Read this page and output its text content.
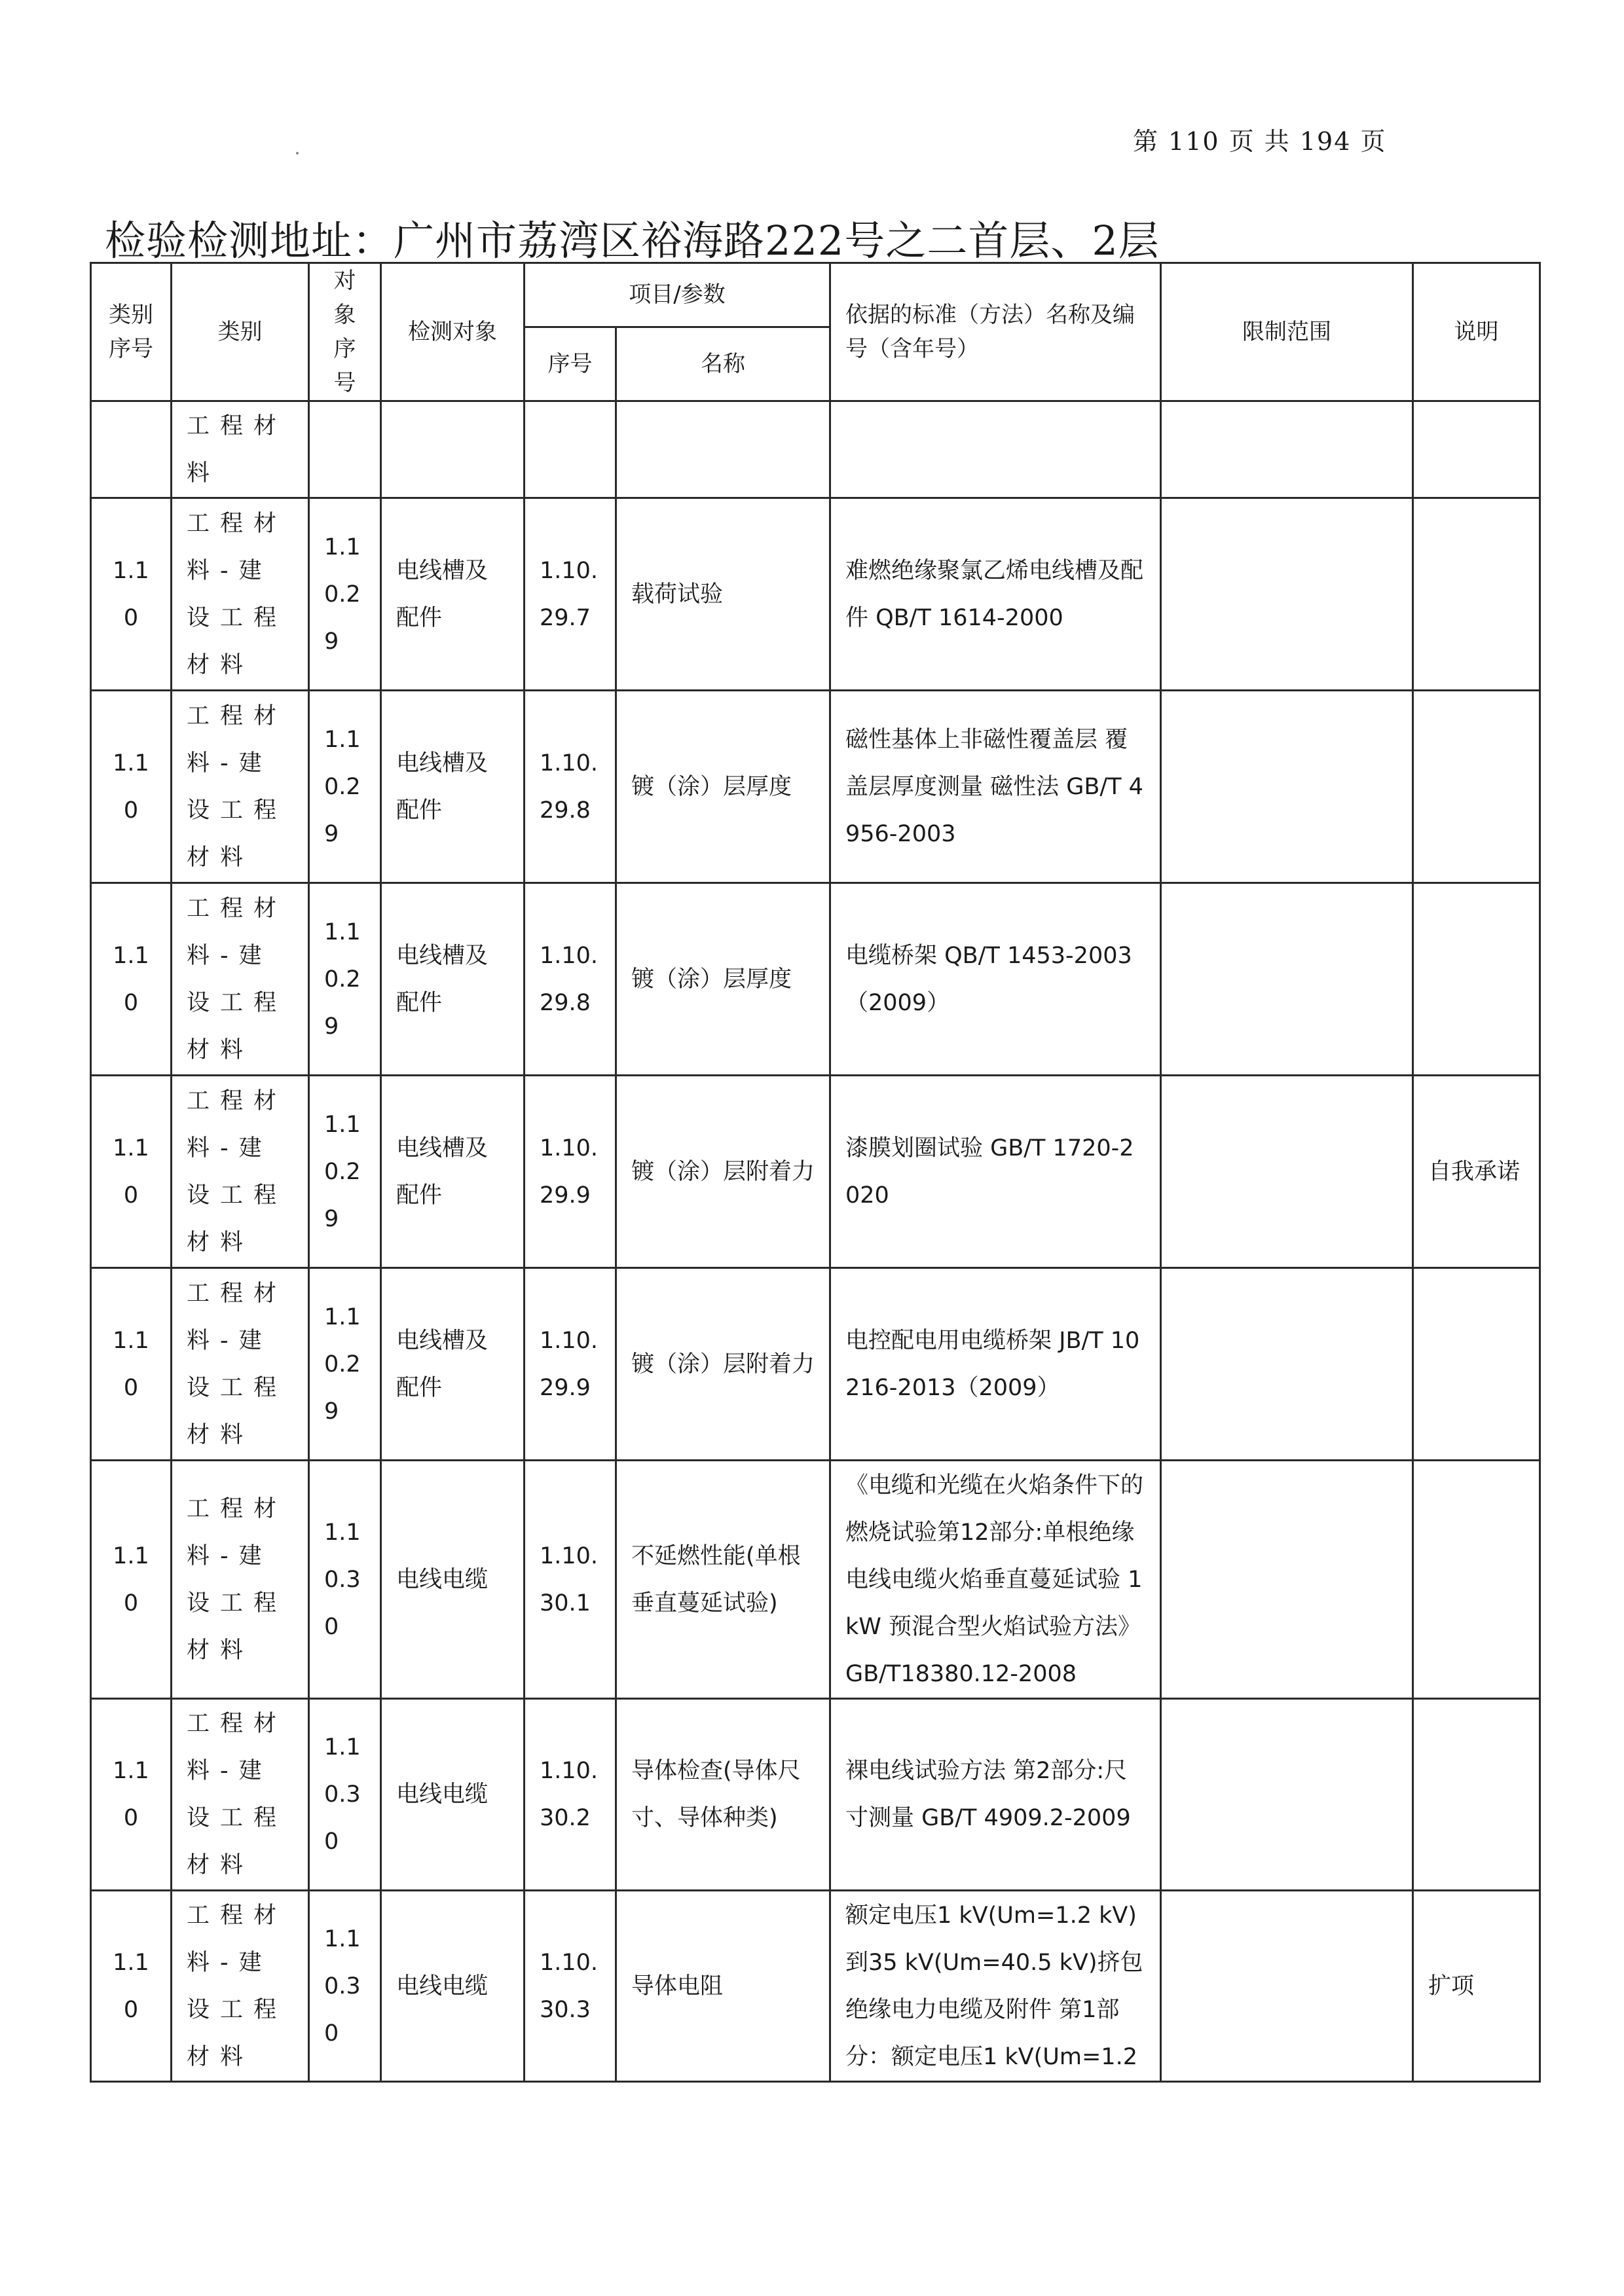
第 110 页 共 194 页
检验检测地址：广州市荔湾区裕海路222号之二首层、2层
类别序号	类别	对象序号	检测对象	项目/参数		依据的标准（方法）名称及编号（含年号）	限制范围	说明
				序号	名称			
	工程材料							
1.10	工程材料-建设工程材料	1.10.29	电线槽及配件	1.10.29.7	载荷试验	难燃绝缘聚氯乙烯电线槽及配件 QB/T 1614-2000		
1.10	工程材料-建设工程材料	1.10.29	电线槽及配件	1.10.29.8	镀（涂）层厚度	磁性基体上非磁性覆盖层 覆盖层厚度测量 磁性法 GB/T 4956-2003		
1.10	工程材料-建设工程材料	1.10.29	电线槽及配件	1.10.29.8	镀（涂）层厚度	电缆桥架 QB/T 1453-2003（2009）		
1.10	工程材料-建设工程材料	1.10.29	电线槽及配件	1.10.29.9	镀（涂）层附着力	漆膜划圈试验 GB/T 1720-2020		自我承诺
1.10	工程材料-建设工程材料	1.10.29	电线槽及配件	1.10.29.9	镀（涂）层附着力	电控配电用电缆桥架 JB/T 10216-2013（2009）		
1.10	工程材料-建设工程材料	1.10.30	电线电缆	1.10.30.1	不延燃性能(单根垂直蔓延试验)	《电缆和光缆在火焰条件下的燃烧试验第12部分:单根绝缘电线电缆火焰垂直蔓延试验 1kW 预混合型火焰试验方法》GB/T18380.12-2008		
1.10	工程材料-建设工程材料	1.10.30	电线电缆	1.10.30.2	导体检查(导体尺寸、导体种类)	裸电线试验方法 第2部分:尺寸测量 GB/T 4909.2-2009		
1.10	工程材料-建设工程材料	1.10.30	电线电缆	1.10.30.3	导体电阻	额定电压1 kV(Um=1.2 kV)到35 kV(Um=40.5 kV)挤包绝缘电力电缆及附件 第1部分：额定电压1 kV(Um=1.2		扩项
